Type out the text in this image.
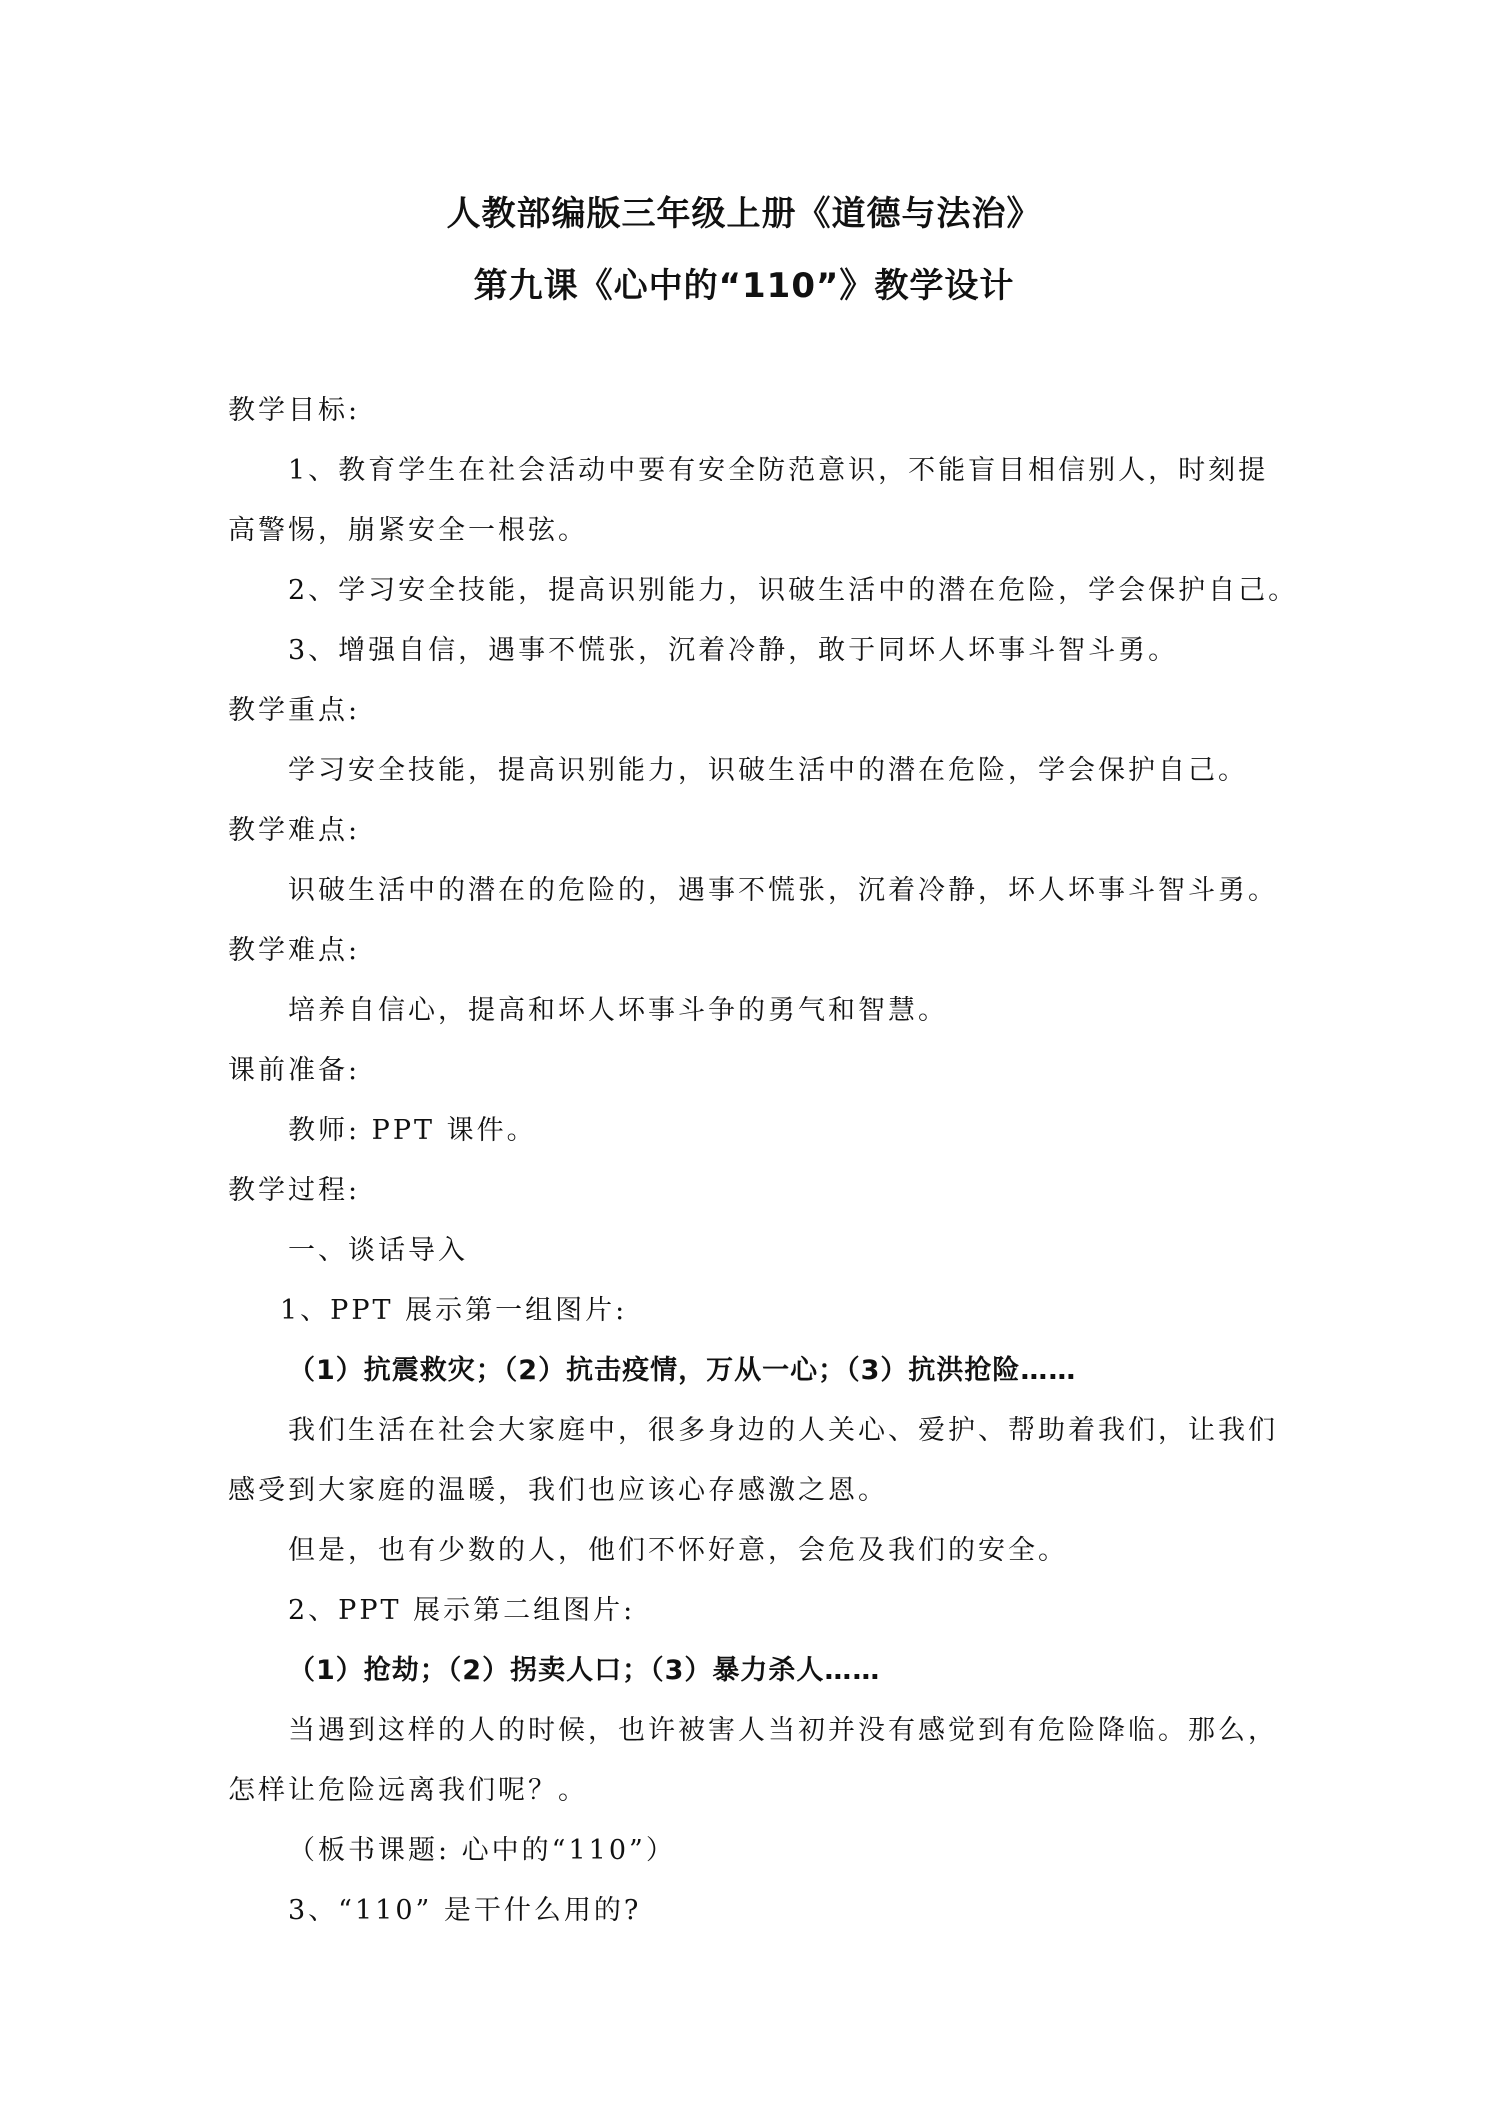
人教部编版三年级上册《道德与法治》
第九课《心中的“110”》教学设计
教学目标:
1、教育学生在社会活动中要有安全防范意识，不能盲目相信别人，时刻提
高警惕，崩紧安全一根弦。
2、学习安全技能，提高识别能力，识破生活中的潜在危险，学会保护自己。
3、增强自信，遇事不慌张，沉着冷静，敢于同坏人坏事斗智斗勇。
教学重点:
学习安全技能，提高识别能力，识破生活中的潜在危险，学会保护自己。
教学难点:
识破生活中的潜在的危险的，遇事不慌张，沉着冷静，坏人坏事斗智斗勇。
教学难点:
培养自信心，提高和坏人坏事斗争的勇气和智慧。
课前准备:
教师: PPT 课件。
教学过程:
一、谈话导入
1、PPT 展示第一组图片:
（1）抗震救灾；（2）抗击疫情，万从一心；（3）抗洪抢险……
我们生活在社会大家庭中，很多身边的人关心、爱护、帮助着我们，让我们
感受到大家庭的温暖，我们也应该心存感激之恩。
但是，也有少数的人，他们不怀好意，会危及我们的安全。
2、PPT 展示第二组图片:
（1）抢劫；（2）拐卖人口；（3）暴力杀人……
当遇到这样的人的时候，也许被害人当初并没有感觉到有危险降临。那么，
怎样让危险远离我们呢？。
（板书课题: 心中的“110”）
3、“110” 是干什么用的?
